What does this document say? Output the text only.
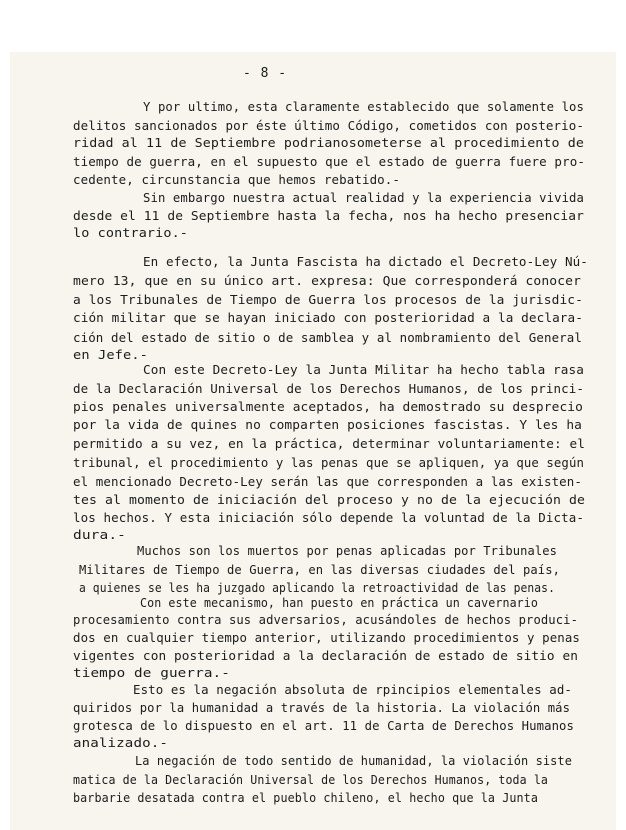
- 8 -
Y por ultimo, esta claramente establecido que solamente los
delitos sancionados por éste último Código, cometidos con posterio-
ridad al 11 de Septiembre podrianosometerse al procedimiento de
tiempo de guerra, en el supuesto que el estado de guerra fuere pro-
cedente, circunstancia que hemos rebatido.-
Sin embargo nuestra actual realidad y la experiencia vivida
desde el 11 de Septiembre hasta la fecha, nos ha hecho presenciar
lo contrario.-
En efecto, la Junta Fascista ha dictado el Decreto-Ley Nú-
mero 13, que en su único art. expresa: Que corresponderá conocer
a los Tribunales de Tiempo de Guerra los procesos de la jurisdic-
ción militar que se hayan iniciado con posterioridad a la declara-
ción del estado de sitio o de samblea y al nombramiento del General
en Jefe.-
Con este Decreto-Ley la Junta Militar ha hecho tabla rasa
de la Declaración Universal de los Derechos Humanos, de los princi-
pios penales universalmente aceptados, ha demostrado su desprecio
por la vida de quines no comparten posiciones fascistas. Y les ha
permitido a su vez, en la práctica, determinar voluntariamente: el
tribunal, el procedimiento y las penas que se apliquen, ya que según
el mencionado Decreto-Ley serán las que corresponden a las existen-
tes al momento de iniciación del proceso y no de la ejecución de
los hechos. Y esta iniciación sólo depende la voluntad de la Dicta-
dura.-
Muchos son los muertos por penas aplicadas por Tribunales
Militares de Tiempo de Guerra, en las diversas ciudades del país,
a quienes se les ha juzgado aplicando la retroactividad de las penas.
Con este mecanismo, han puesto en práctica un cavernario
procesamiento contra sus adversarios, acusándoles de hechos produci-
dos en cualquier tiempo anterior, utilizando procedimientos y penas
vigentes con posterioridad a la declaración de estado de sitio en
tiempo de guerra.-
Esto es la negación absoluta de rpincipios elementales ad-
quiridos por la humanidad a través de la historia. La violación más
grotesca de lo dispuesto en el art. 11 de Carta de Derechos Humanos
analizado.-
La negación de todo sentido de humanidad, la violación siste
matica de la Declaración Universal de los Derechos Humanos, toda la
barbarie desatada contra el pueblo chileno, el hecho que la Junta
